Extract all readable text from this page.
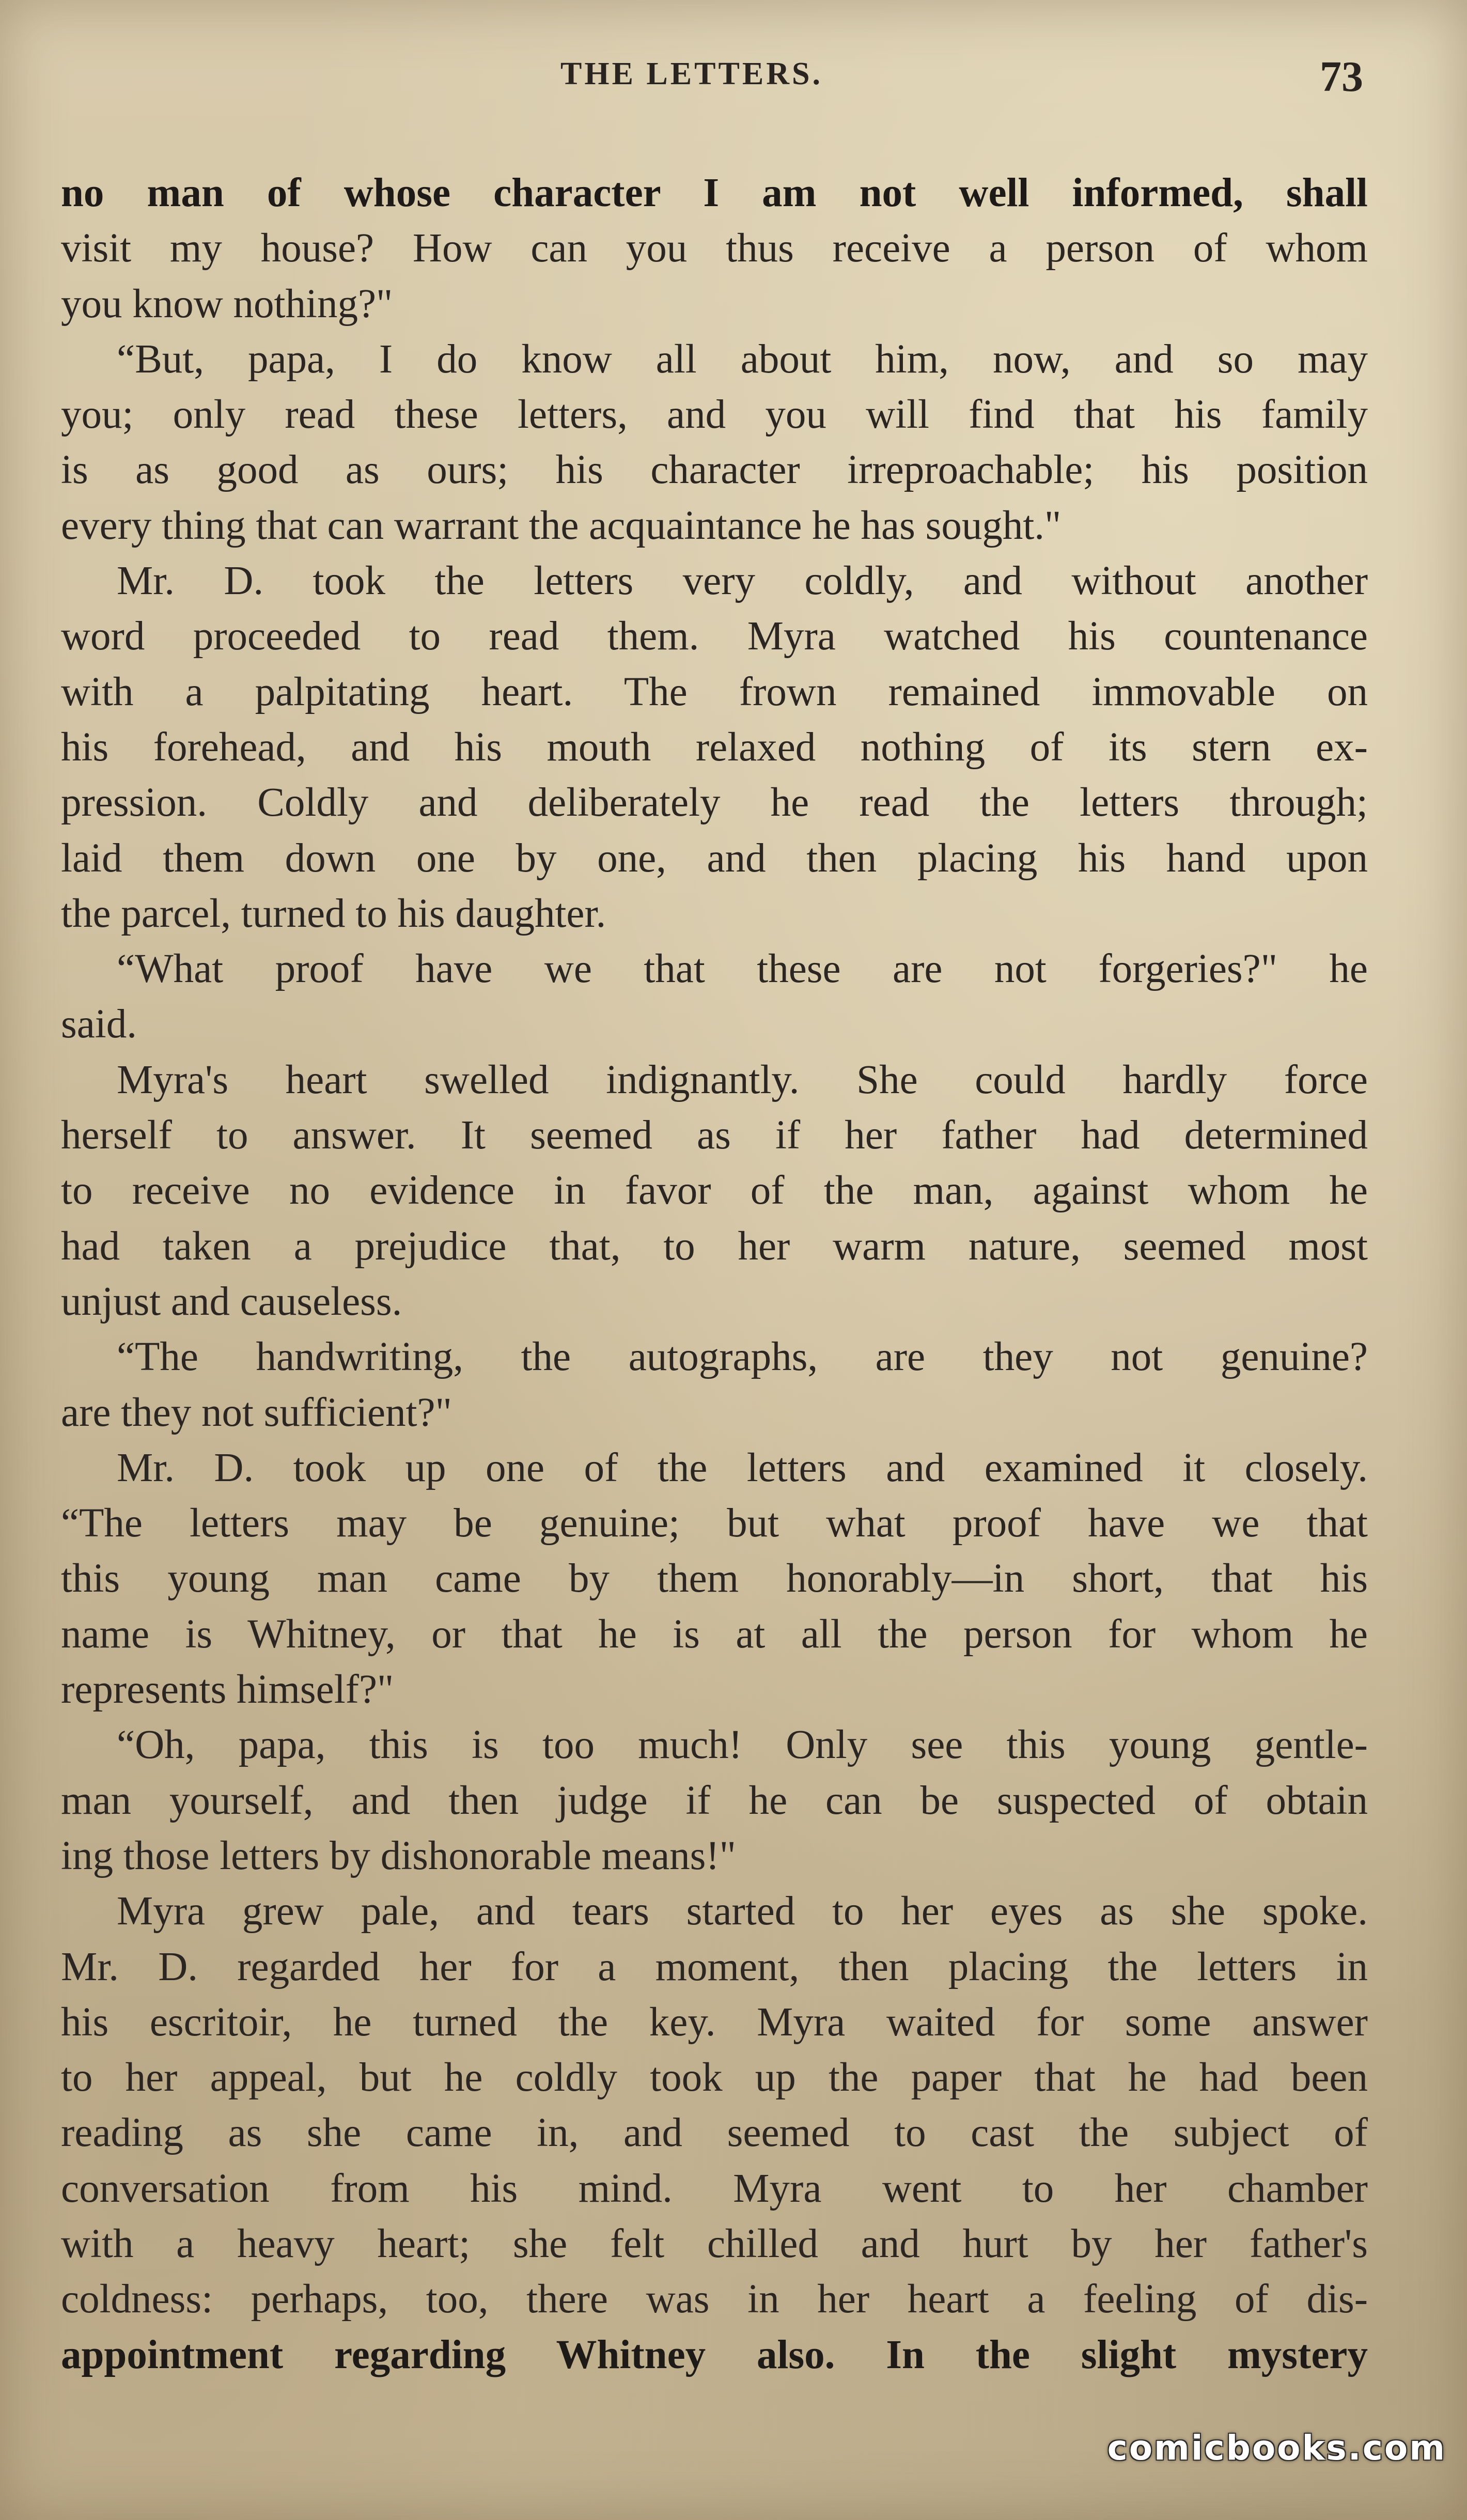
THE LETTERS.	73
no man of whose character I am not well informed, shall
visit my house? How can you thus receive a person of whom
you know nothing?"
“But, papa, I do know all about him, now, and so may
you; only read these letters, and you will find that his family
is as good as ours; his character irreproachable; his position
every thing that can warrant the acquaintance he has sought."
Mr. D. took the letters very coldly, and without another
word proceeded to read them. Myra watched his countenance
with a palpitating heart. The frown remained immovable on
his forehead, and his mouth relaxed nothing of its stern ex-
pression. Coldly and deliberately he read the letters through;
laid them down one by one, and then placing his hand upon
the parcel, turned to his daughter.
“What proof have we that these are not forgeries?" he
said.
Myra's heart swelled indignantly. She could hardly force
herself to answer. It seemed as if her father had determined
to receive no evidence in favor of the man, against whom he
had taken a prejudice that, to her warm nature, seemed most
unjust and causeless.
“The handwriting, the autographs, are they not genuine?
are they not sufficient?"
Mr. D. took up one of the letters and examined it closely.
“The letters may be genuine; but what proof have we that
this young man came by them honorably—in short, that his
name is Whitney, or that he is at all the person for whom he
represents himself?"
“Oh, papa, this is too much! Only see this young gentle-
man yourself, and then judge if he can be suspected of obtain
ing those letters by dishonorable means!"
Myra grew pale, and tears started to her eyes as she spoke.
Mr. D. regarded her for a moment, then placing the letters in
his escritoir, he turned the key. Myra waited for some answer
to her appeal, but he coldly took up the paper that he had been
reading as she came in, and seemed to cast the subject of
conversation from his mind. Myra went to her chamber
with a heavy heart; she felt chilled and hurt by her father's
coldness: perhaps, too, there was in her heart a feeling of dis-
appointment regarding Whitney also. In the slight mystery
comicbooks.com
